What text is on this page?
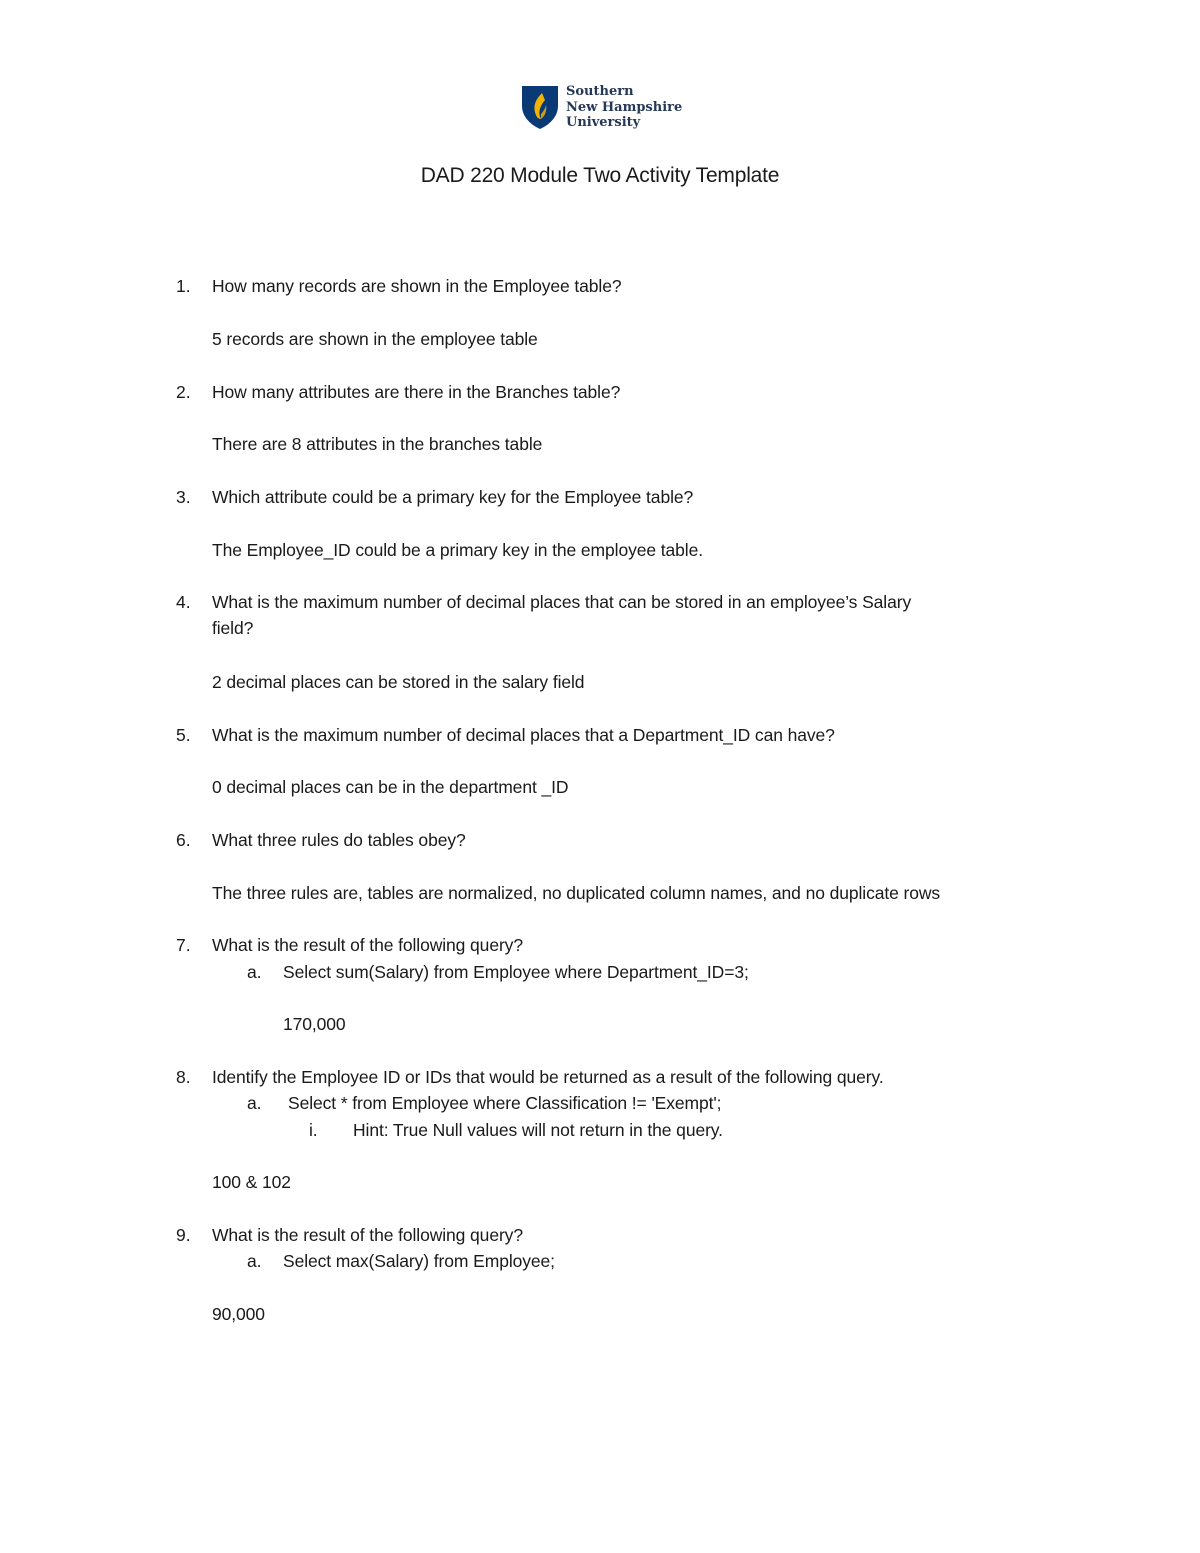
Southern
New Hampshire
University
DAD 220 Module Two Activity Template
1. How many records are shown in the Employee table?
5 records are shown in the employee table
2. How many attributes are there in the Branches table?
There are 8 attributes in the branches table
3. Which attribute could be a primary key for the Employee table?
The Employee_ID could be a primary key in the employee table.
4. What is the maximum number of decimal places that can be stored in an employee’s Salary
field?
2 decimal places can be stored in the salary field
5. What is the maximum number of decimal places that a Department_ID can have?
0 decimal places can be in the department _ID
6. What three rules do tables obey?
The three rules are, tables are normalized, no duplicated column names, and no duplicate rows
7. What is the result of the following query?
a. Select sum(Salary) from Employee where Department_ID=3;
170,000
8. Identify the Employee ID or IDs that would be returned as a result of the following query.
a. Select * from Employee where Classification != 'Exempt';
i. Hint: True Null values will not return in the query.
100 & 102
9. What is the result of the following query?
a. Select max(Salary) from Employee;
90,000
